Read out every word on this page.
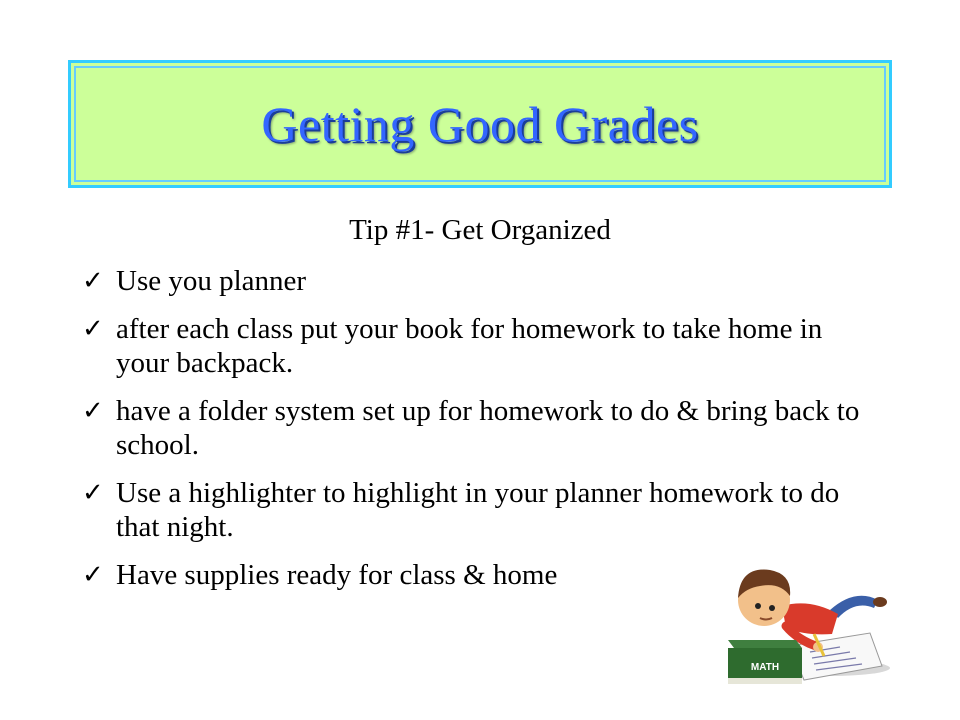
Getting Good Grades
Tip #1- Get Organized
✓ Use you planner
✓ after each class put your book for homework to take home in your backpack.
✓ have a folder system set up for homework to do & bring back to school.
✓ Use a highlighter to highlight in your planner homework to do that night.
✓ Have supplies ready for class & home
MATH
